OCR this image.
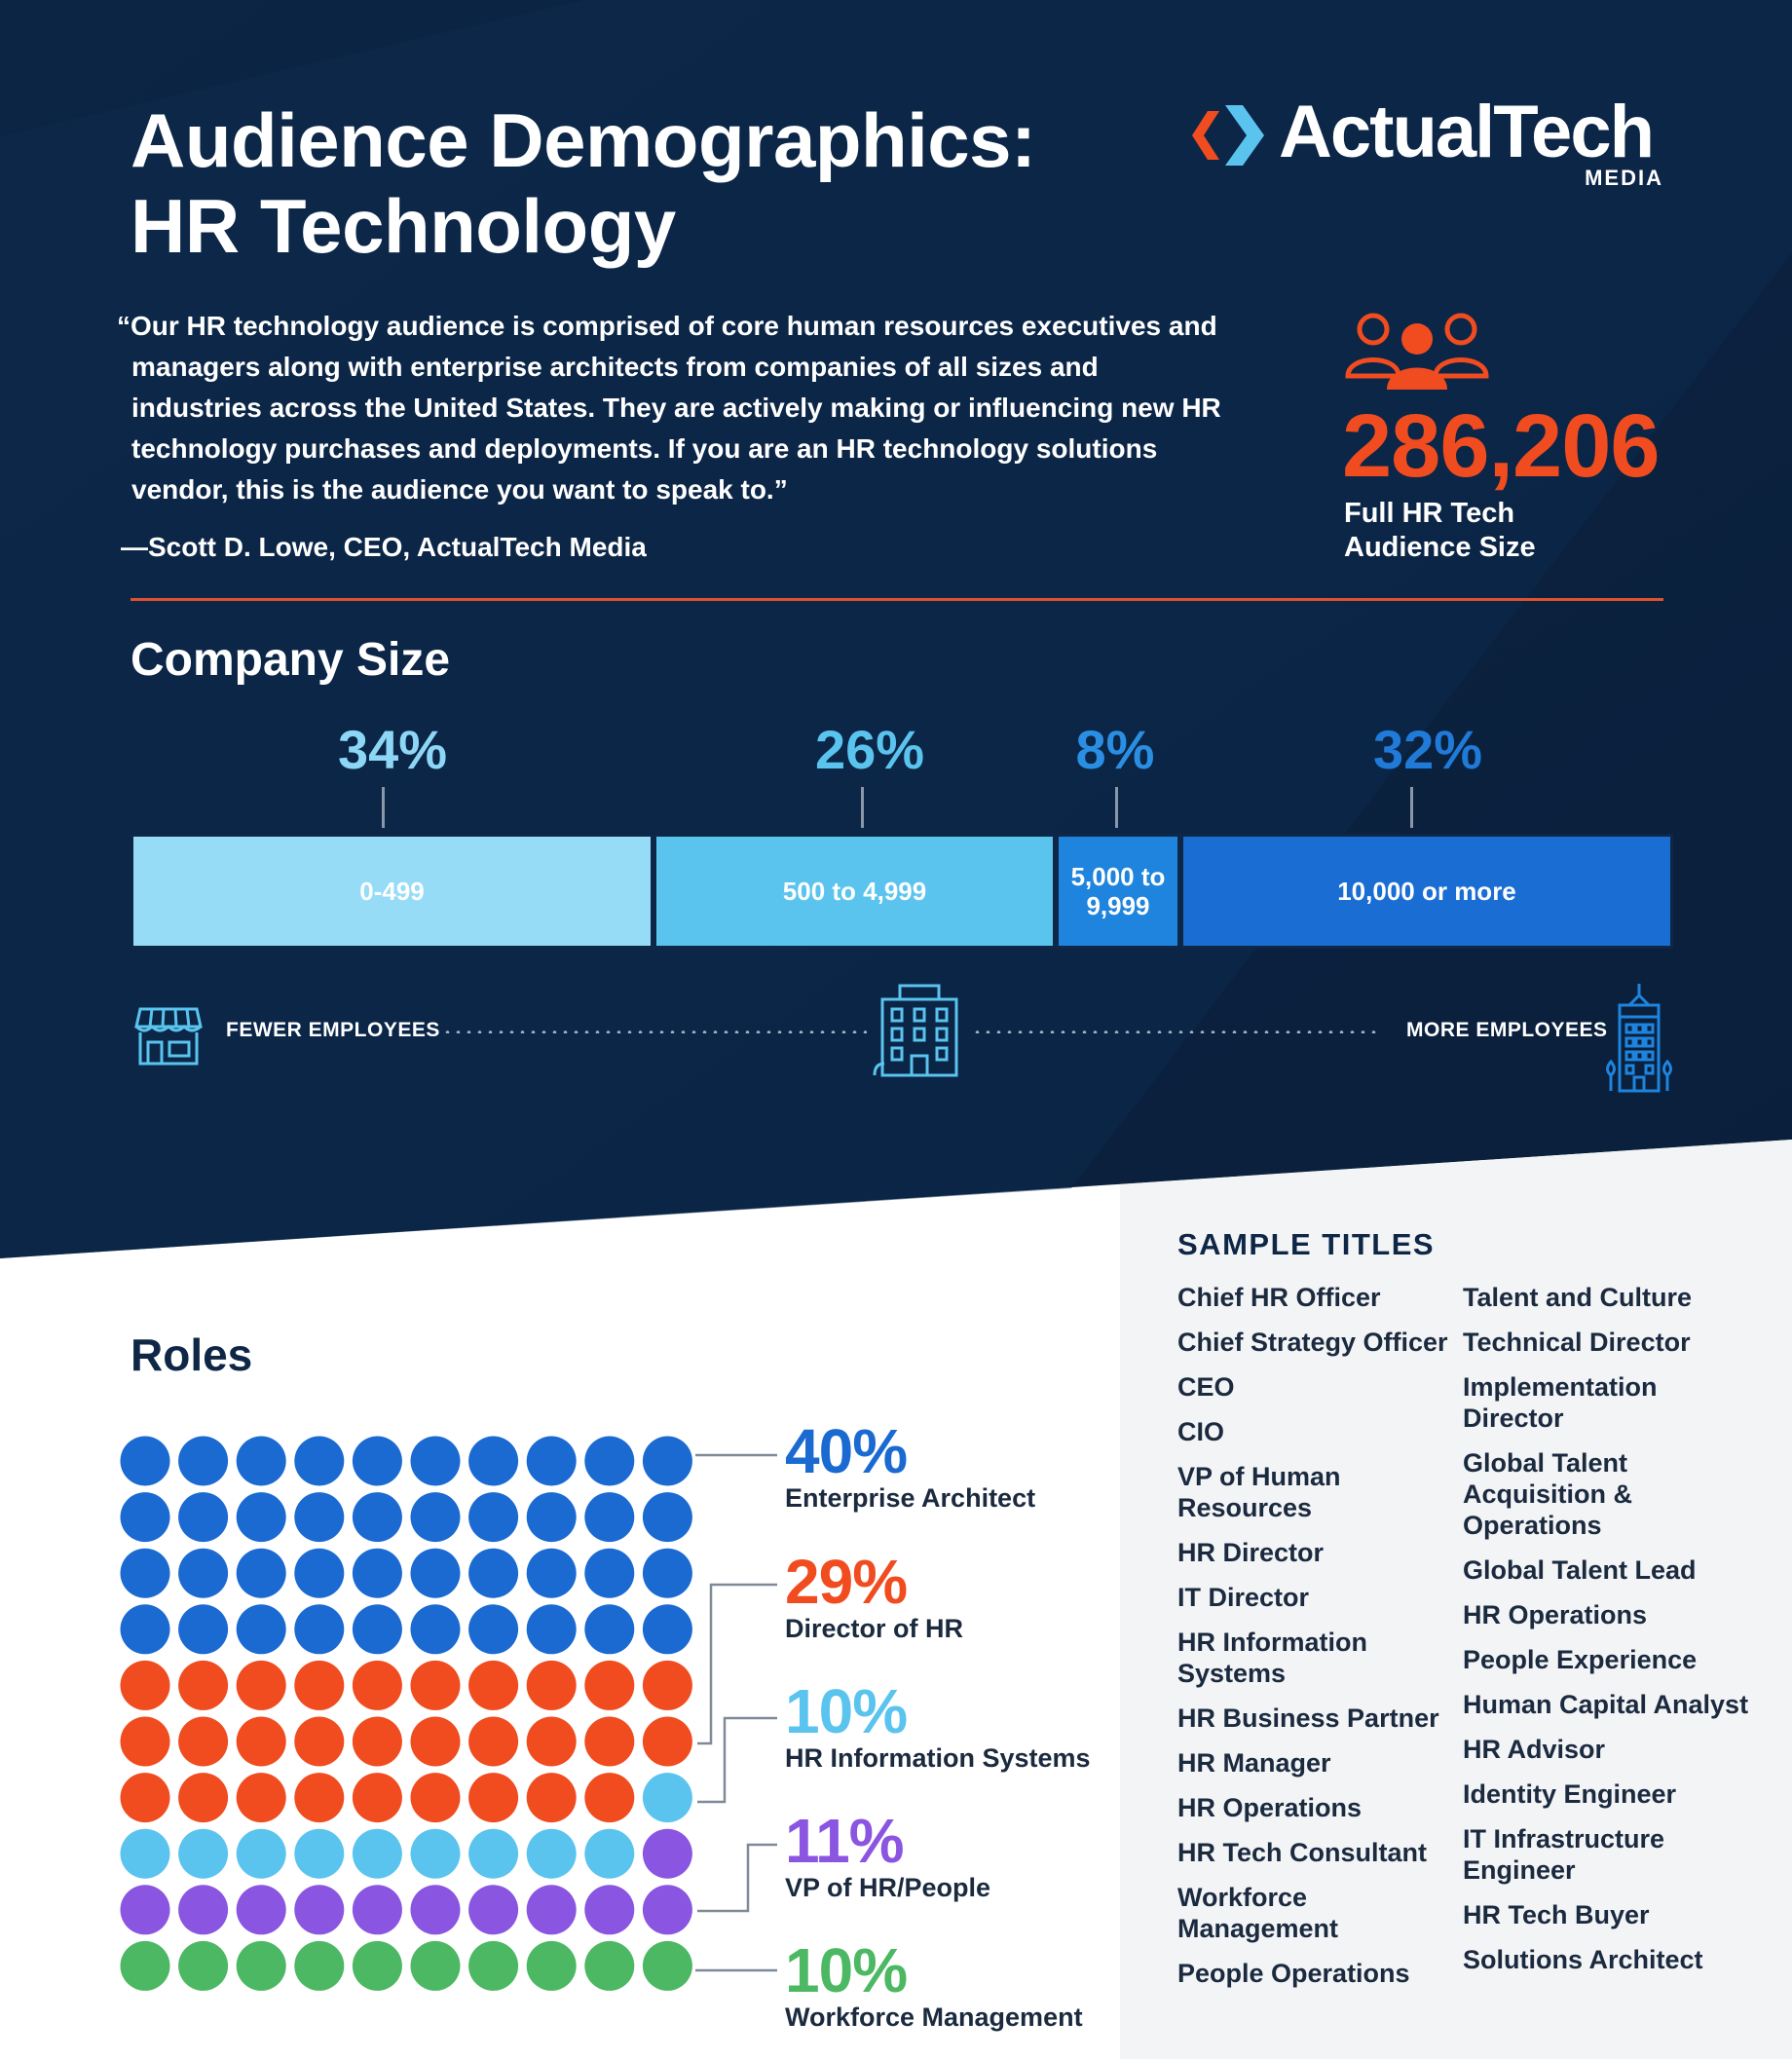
Audience Demographics:
HR Technology
ActualTech
MEDIA

“Our HR technology audience is comprised of core human resources executives and managers along with enterprise architects from companies of all sizes and industries across the United States. They are actively making or influencing new HR technology purchases and deployments. If you are an HR technology solutions vendor, this is the audience you want to speak to.”

—Scott D. Lowe, CEO, ActualTech Media
286,206
Full HR Tech
Audience Size
Company Size
34%	26%	8%	32%
0-499	500 to 4,999	5,000 to
9,999	10,000 or more
FEWER EMPLOYEES	MORE EMPLOYEES
Roles
40%
Enterprise Architect
29%
Director of HR
10%
HR Information Systems
11%
VP of HR/People
10%
Workforce Management
SAMPLE TITLES
Chief HR Officer
Chief Strategy Officer
CEO
CIO
VP of Human Resources
HR Director
IT Director
HR Information Systems
HR Business Partner
HR Manager
HR Operations
HR Tech Consultant
Workforce Management
People Operations
Talent and Culture
Technical Director
Implementation Director
Global Talent Acquisition & Operations
Global Talent Lead
HR Operations
People Experience
Human Capital Analyst
HR Advisor
Identity Engineer
IT Infrastructure Engineer
HR Tech Buyer
Solutions Architect
